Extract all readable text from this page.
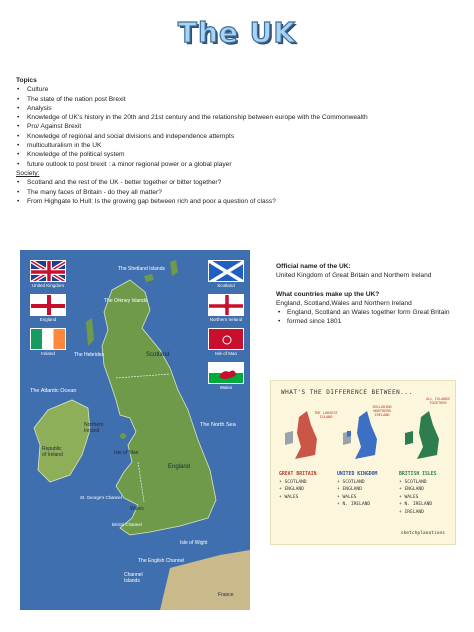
The UK
Topics
• Culture
• The state of the nation post Brexit
• Analysis
• Knowledge of UK's history in the 20th and 21st century and the relationship between europe with the Commonwealth
• Pro/ Against Brexit
• Knowledge of regional and social divisions and independence attempts
• multiculturalism in the UK
• Knowledge of the political system
• future outlook to post brexit : a minor regional power or a global player
Society:
• Scotland and the rest of the UK - better together or bitter together?
• The many faces of Britain - do they all matter?
• From Highgate to Hull: Is the growing gap between rich and poor a question of class?
United Kingdom	Scotland
England	Northern Ireland
Ireland	Isle of Man
Wales
The Shetland Islands
The Orkney Islands
The Hebrides	Scotland
The Atlantic Ocean
The North Sea
Northern
Ireland
Isle of Man
England
Republic
of Ireland
Wales
St. George's Channel
Bristol Channel
Isle of Wight
The English Channel
Channel
Islands
France
Official name of the UK:
United Kingdom of Great Britain and Northern Ireland
What countries make up the UK?
England, Scotland,Wales and Northern Ireland
• England, Scotland an Wales together form Great Britain
• formed since 1801
WHAT'S THE DIFFERENCE BETWEEN...
THE LARGEST ISLAND
INCLUDING NORTHERN IRELAND
ALL ISLANDS TOGETHER
GREAT BRITAIN
+ SCOTLAND
+ ENGLAND
+ WALES
UNITED KINGDOM
+ SCOTLAND
+ ENGLAND
+ WALES
+ N. IRELAND
BRITISH ISLES
+ SCOTLAND
+ ENGLAND
+ WALES
+ N. IRELAND
+ IRELAND
sketchplanations
